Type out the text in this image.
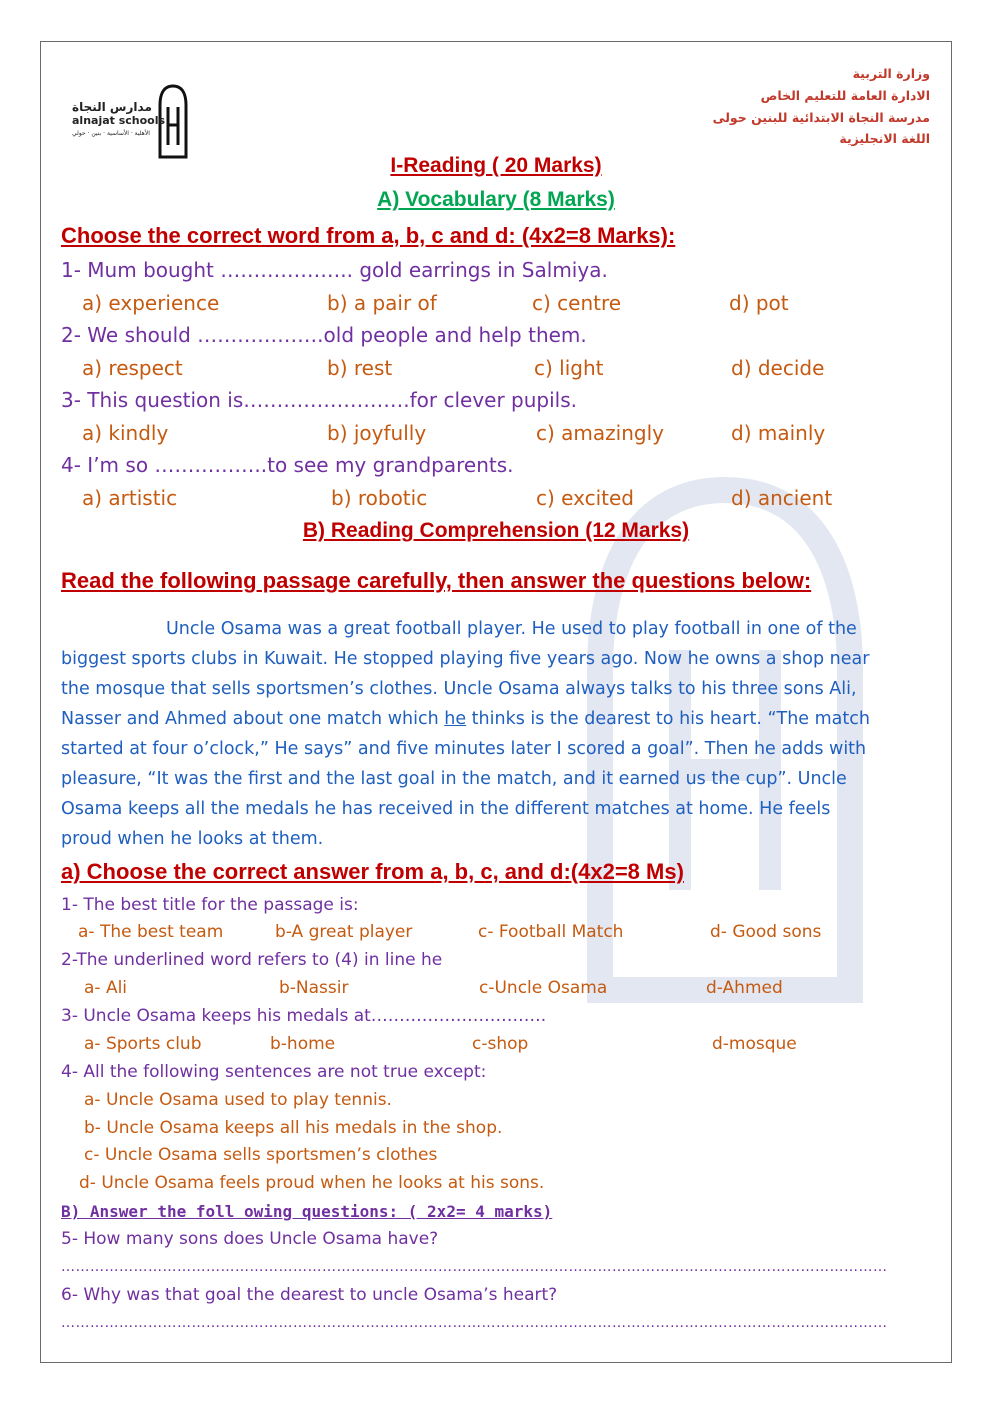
وزارة التربية
الادارة العامة للتعليم الخاص
مدرسة النجاة الابتدائية للبنين حولى
اللغة الانجليزية
مدارس النجاة
alnajat schools
الأهلية · الأساسية · بنين · حولي
I-Reading ( 20 Marks)
A) Vocabulary (8 Marks)
Choose the correct word from a, b, c and d: (4x2=8 Marks):
1- Mum bought ……………….. gold earrings in Salmiya.
a) experience	b) a pair of	c) centre	d) pot
2- We should ……………….old people and help them.
a) respect	b) rest	c) light	d) decide
3- This question is…………………….for clever pupils.
a) kindly	b) joyfully	c) amazingly	d) mainly
4- I’m so ……………..to see my grandparents.
a) artistic	b) robotic	c) excited	d) ancient
B) Reading Comprehension (12 Marks)
Read the following passage carefully, then answer the questions below:
Uncle Osama was a great football player. He used to play football in one of the
biggest sports clubs in Kuwait. He stopped playing five years ago. Now he owns a shop near
the mosque that sells sportsmen’s clothes. Uncle Osama always talks to his three sons Ali,
Nasser and Ahmed about one match which he thinks is the dearest to his heart. “The match
started at four o’clock,” He says” and five minutes later I scored a goal”. Then he adds with
pleasure, “It was the first and the last goal in the match, and it earned us the cup”. Uncle
Osama keeps all the medals he has received in the different matches at home. He feels
proud when he looks at them.
a) Choose the correct answer from a, b, c, and d:(4x2=8 Ms)
1- The best title for the passage is:
a- The best team	b-A great player	c- Football Match	d- Good sons
2-The underlined word refers to (4) in line he
a- Ali	b-Nassir	c-Uncle Osama	d-Ahmed
3- Uncle Osama keeps his medals at………………………….
a- Sports club	b-home	c-shop	d-mosque
4- All the following sentences are not true except:
a- Uncle Osama used to play tennis.
b- Uncle Osama keeps all his medals in the shop.
c- Uncle Osama sells sportsmen’s clothes
d- Uncle Osama feels proud when he looks at his sons.
B) Answer the foll owing questions: ( 2x2= 4 marks)
5- How many sons does Uncle Osama have?
………………………………………………………………………………………………………………………………………………………
6- Why was that goal the dearest to uncle Osama’s heart?
………………………………………………………………………………………………………………………………………………………
